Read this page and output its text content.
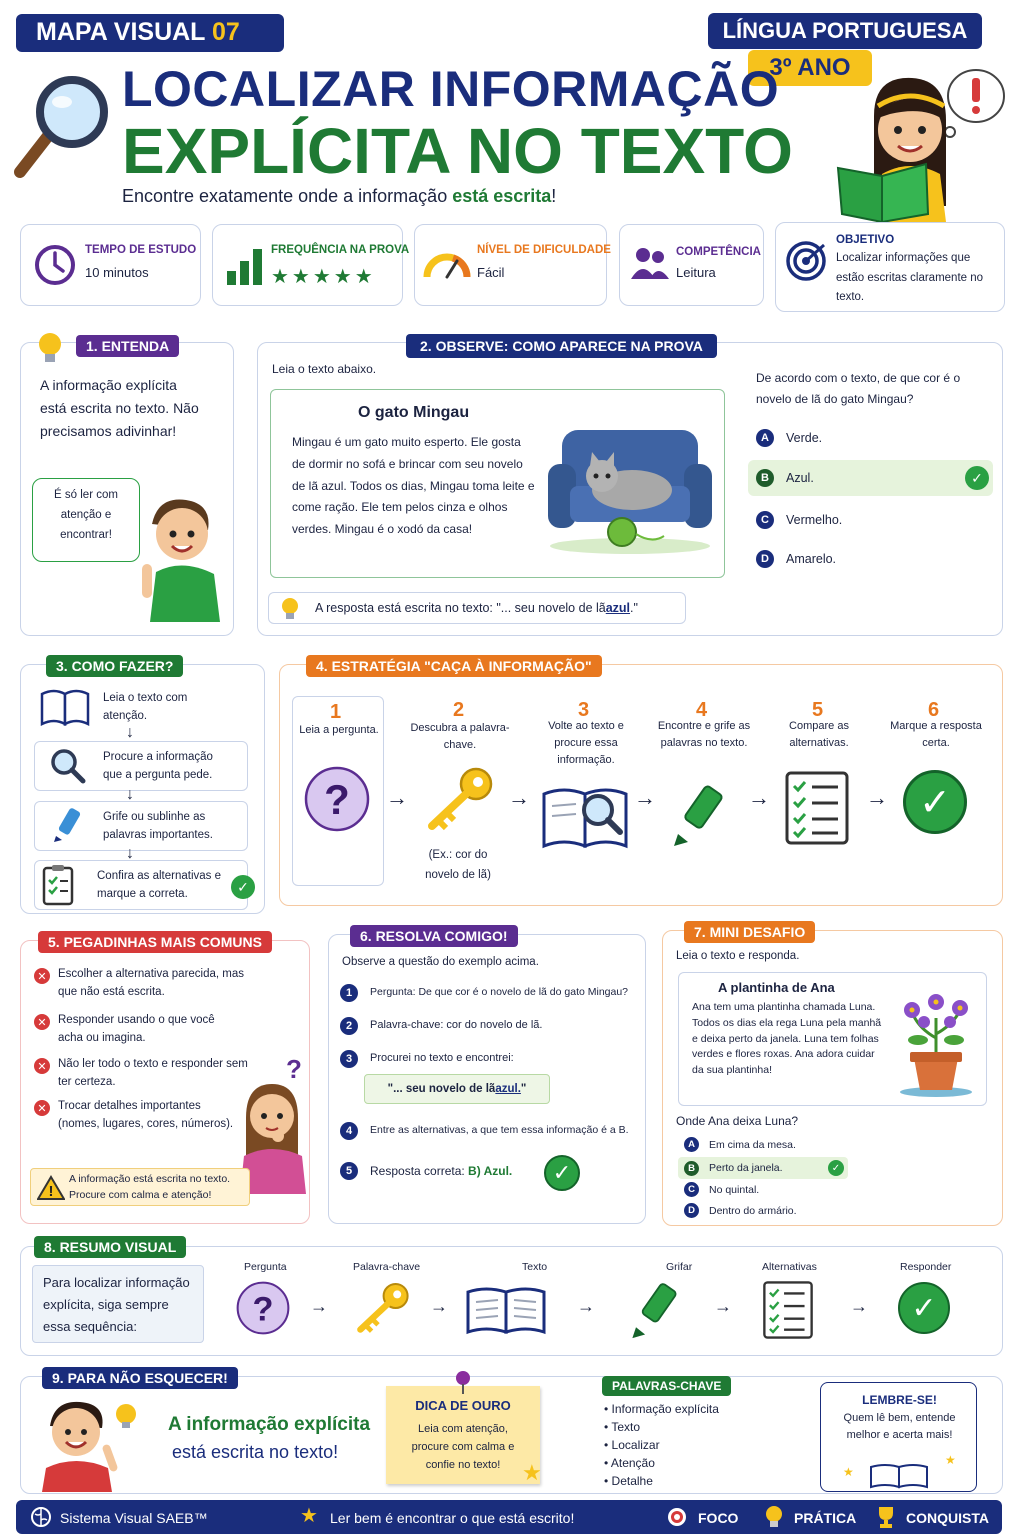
MAPA VISUAL 07	LÍNGUA PORTUGUESA
3º ANO
LOCALIZAR INFORMAÇÃO
EXPLÍCITA NO TEXTO
Encontre exatamente onde a informação está escrita!
TEMPO DE ESTUDO
10 minutos
FREQUÊNCIA NA PROVA
★★★★★
NÍVEL DE DIFICULDADE
Fácil
COMPETÊNCIA
Leitura
OBJETIVO
Localizar informações que estão escritas claramente no texto.
1. ENTENDA
A informação explícita está escrita no texto. Não precisamos adivinhar!
É só ler com atenção e encontrar!
2. OBSERVE: COMO APARECE NA PROVA
Leia o texto abaixo.
O gato Mingau
Mingau é um gato muito esperto. Ele gosta de dormir no sofá e brincar com seu novelo de lã azul. Todos os dias, Mingau toma leite e come ração. Ele tem pelos cinza e olhos verdes. Mingau é o xodó da casa!
De acordo com o texto, de que cor é o novelo de lã do gato Mingau?
A	Verde.
B	Azul.	✓
C	Vermelho.
D	Amarelo.
A resposta está escrita no texto: "... seu novelo de lã azul ."
3. COMO FAZER?
Leia o texto com atenção.
↓
Procure a informação que a pergunta pede.
↓
Grife ou sublinhe as palavras importantes.
↓
Confira as alternativas e marque a correta.	✓
4. ESTRATÉGIA "CAÇA À INFORMAÇÃO"
1
Leia a pergunta.
? →
2
Descubra a palavra-chave.
(Ex.: cor do novelo de lã)
→
3
Volte ao texto e procure essa informação.
→
4
Encontre e grife as palavras no texto.
→
5
Compare as alternativas.
→
6
Marque a resposta certa.
✓
5. PEGADINHAS MAIS COMUNS
✕ Escolher a alternativa parecida, mas que não está escrita.
✕ Responder usando o que você acha ou imagina.
✕ Não ler todo o texto e responder sem ter certeza.
✕ Trocar detalhes importantes (nomes, lugares, cores, números).
?
!
A informação está escrita no texto. Procure com calma e atenção!
6. RESOLVA COMIGO!
Observe a questão do exemplo acima.
1	Pergunta: De que cor é o novelo de lã do gato Mingau?
2	Palavra-chave: cor do novelo de lã.
3	Procurei no texto e encontrei:
"... seu novelo de lã azul. "
4	Entre as alternativas, a que tem essa informação é a B.
5	Resposta correta: B) Azul.	✓
7. MINI DESAFIO
Leia o texto e responda.
A plantinha de Ana
Ana tem uma plantinha chamada Luna. Todos os dias ela rega Luna pela manhã e deixa perto da janela. Luna tem folhas verdes e flores roxas. Ana adora cuidar da sua plantinha!
Onde Ana deixa Luna?
A	Em cima da mesa.
B	Perto da janela.	✓
C	No quintal.
D	Dentro do armário.
8. RESUMO VISUAL
Para localizar informação explícita, siga sempre essa sequência:
Pergunta
? →
Palavra-chave
→
Texto
→
Grifar
→
Alternativas
→
Responder
✓
9. PARA NÃO ESQUECER!
A informação explícita
está escrita no texto!
DICA DE OURO
Leia com atenção, procure com calma e confie no texto! ★
PALAVRAS-CHAVE
• Informação explícita
• Texto
• Localizar
• Atenção
• Detalhe
LEMBRE-SE!
Quem lê bem, entende melhor e acerta mais!
★
★
Sistema Visual SAEB™	★ Ler bem é encontrar o que está escrito!	FOCO	PRÁTICA	CONQUISTA
